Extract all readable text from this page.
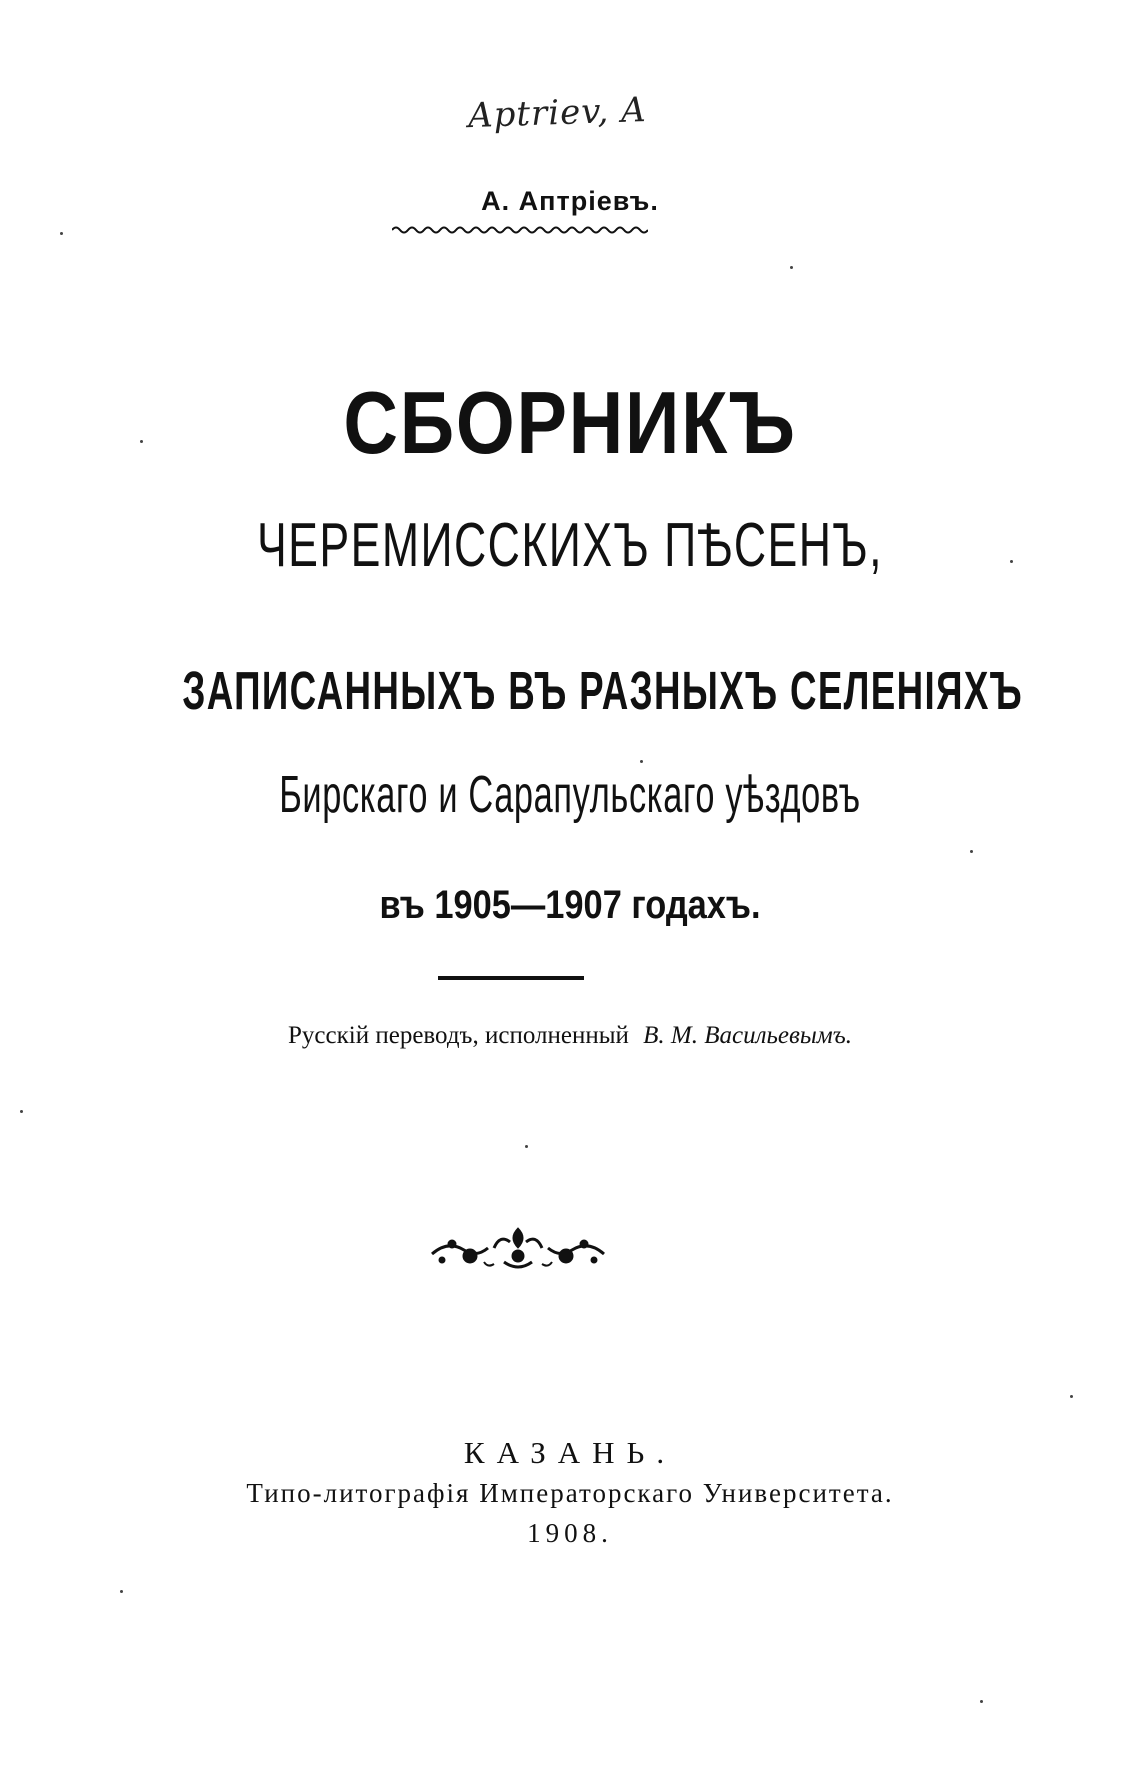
Aptriev, A
А. Аптріевъ.
СБОРНИКЪ
ЧЕРЕМИССКИХЪ ПѢСЕНЪ,
ЗАПИСАННЫХЪ ВЪ РАЗНЫХЪ СЕЛЕНІЯХЪ
Бирскаго и Сарапульскаго уѣздовъ
въ 1905—1907 годахъ.
Русскій переводъ, исполненный В. М. Васильевымъ.
КАЗАНЬ.
Типо-литографія Императорскаго Университета.
1908.
